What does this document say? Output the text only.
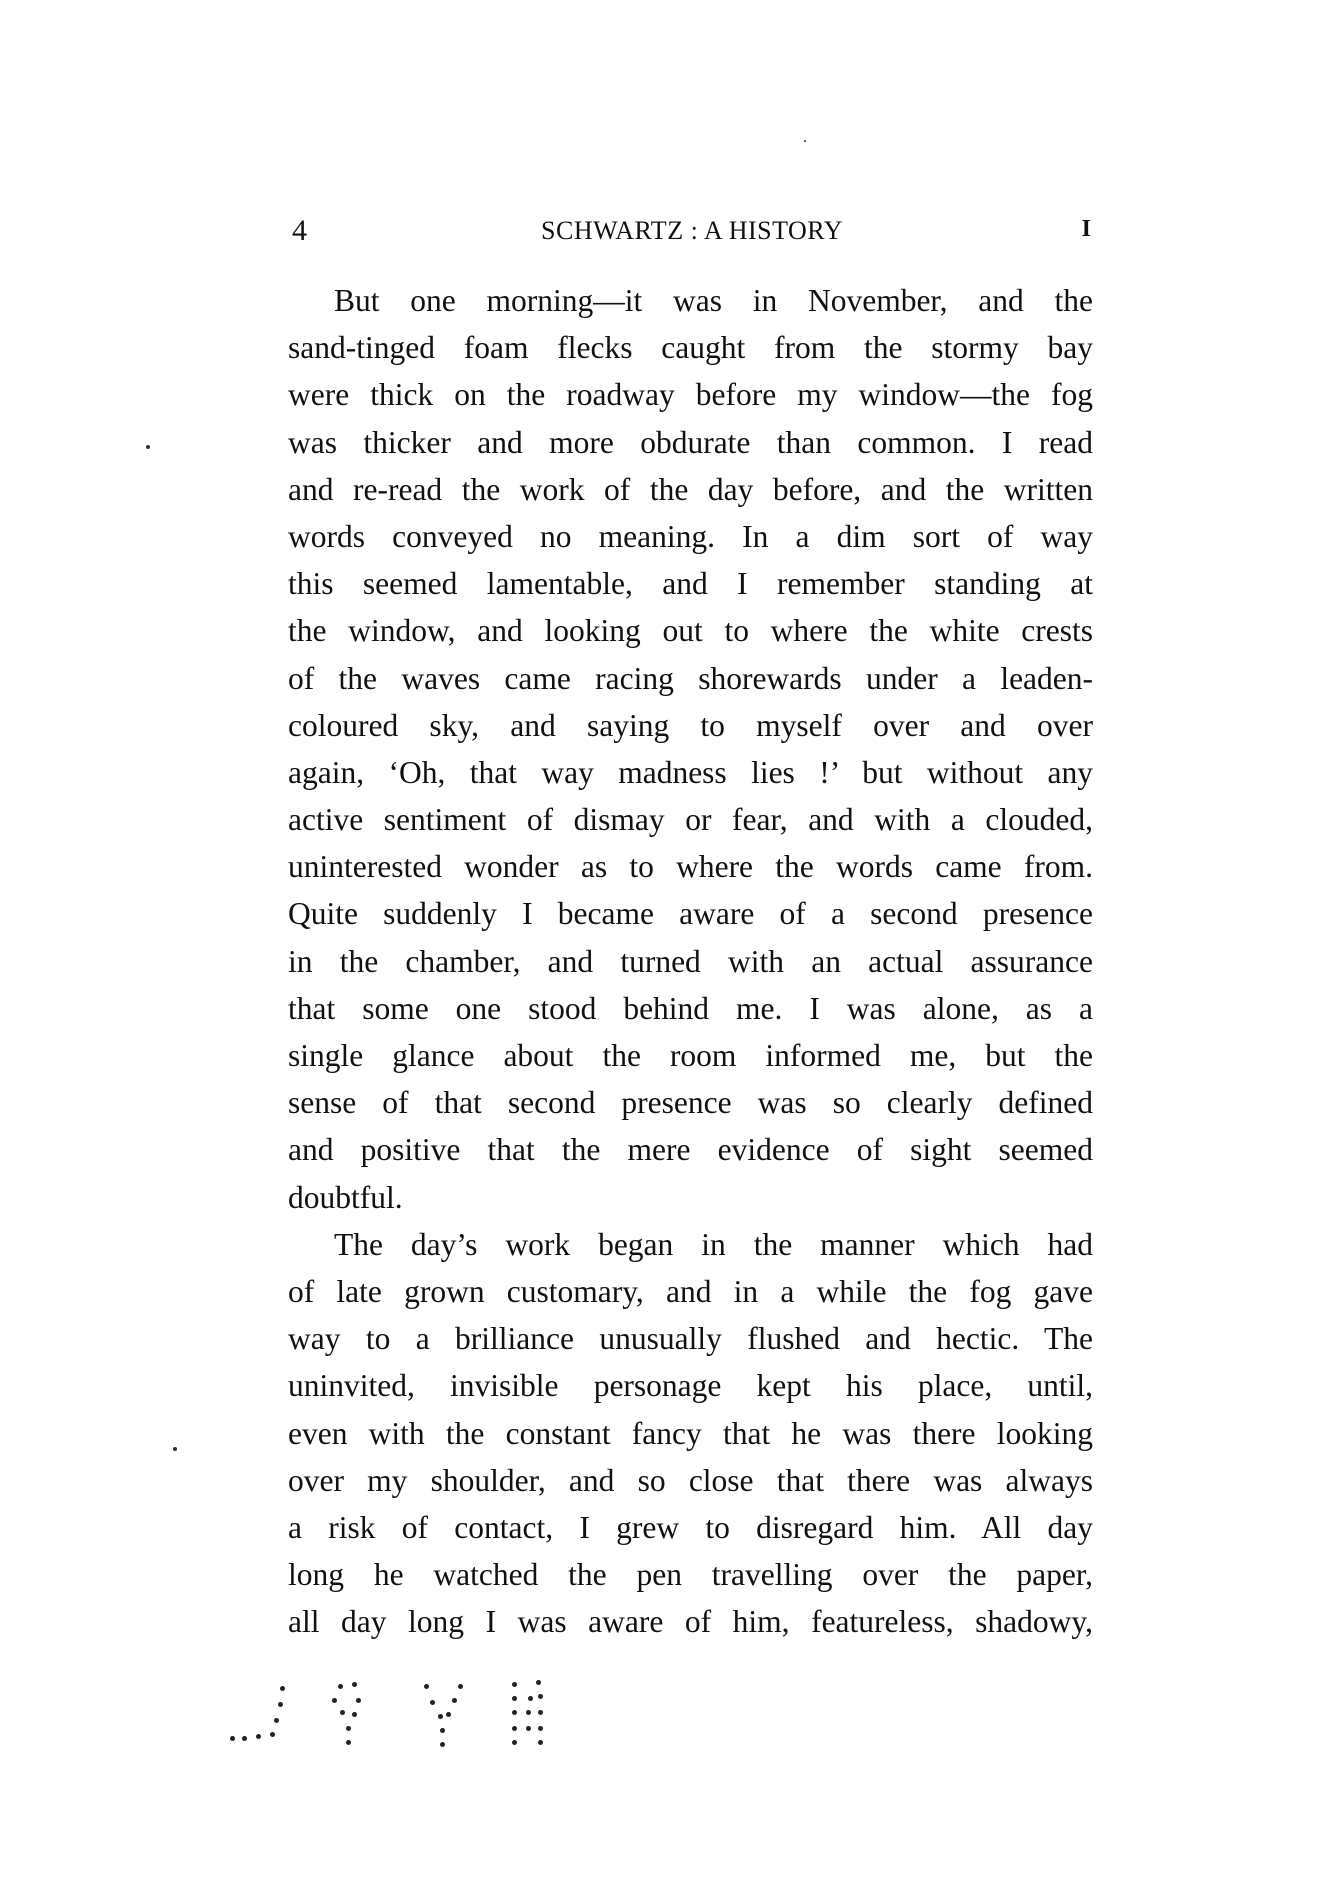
4	SCHWARTZ : A HISTORY	I
But one morning—it was in November, and the
sand-tinged foam flecks caught from the stormy bay
were thick on the roadway before my window—the fog
was thicker and more obdurate than common. I read
and re-read the work of the day before, and the written
words conveyed no meaning. In a dim sort of way
this seemed lamentable, and I remember standing at
the window, and looking out to where the white crests
of the waves came racing shorewards under a leaden-
coloured sky, and saying to myself over and over
again, ‘Oh, that way madness lies !’ but without any
active sentiment of dismay or fear, and with a clouded,
uninterested wonder as to where the words came from.
Quite suddenly I became aware of a second presence
in the chamber, and turned with an actual assurance
that some one stood behind me. I was alone, as a
single glance about the room informed me, but the
sense of that second presence was so clearly defined
and positive that the mere evidence of sight seemed
doubtful.
The day’s work began in the manner which had
of late grown customary, and in a while the fog gave
way to a brilliance unusually flushed and hectic. The
uninvited, invisible personage kept his place, until,
even with the constant fancy that he was there looking
over my shoulder, and so close that there was always
a risk of contact, I grew to disregard him. All day
long he watched the pen travelling over the paper,
all day long I was aware of him, featureless, shadowy,
